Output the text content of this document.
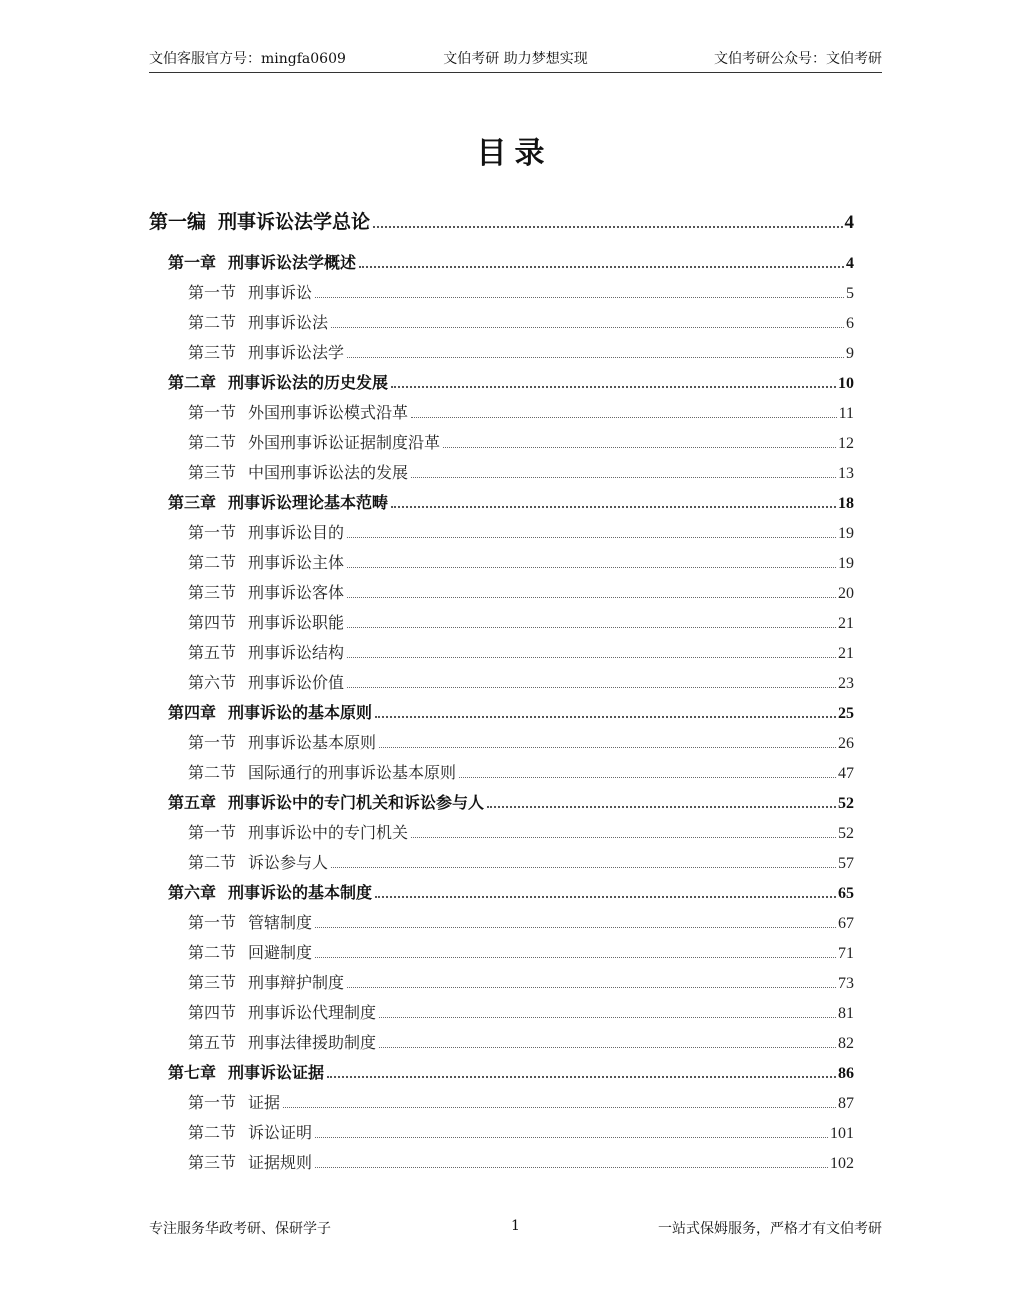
文伯客服官方号：mingfa0609	文伯考研 助力梦想实现	文伯考研公众号：文伯考研
目录
第一编 刑事诉讼法学总论	4
第一章 刑事诉讼法学概述	4
第一节 刑事诉讼	5
第二节 刑事诉讼法	6
第三节 刑事诉讼法学	9
第二章 刑事诉讼法的历史发展	10
第一节 外国刑事诉讼模式沿革	11
第二节 外国刑事诉讼证据制度沿革	12
第三节 中国刑事诉讼法的发展	13
第三章 刑事诉讼理论基本范畴	18
第一节 刑事诉讼目的	19
第二节 刑事诉讼主体	19
第三节 刑事诉讼客体	20
第四节 刑事诉讼职能	21
第五节 刑事诉讼结构	21
第六节 刑事诉讼价值	23
第四章 刑事诉讼的基本原则	25
第一节 刑事诉讼基本原则	26
第二节 国际通行的刑事诉讼基本原则	47
第五章 刑事诉讼中的专门机关和诉讼参与人	52
第一节 刑事诉讼中的专门机关	52
第二节 诉讼参与人	57
第六章 刑事诉讼的基本制度	65
第一节 管辖制度	67
第二节 回避制度	71
第三节 刑事辩护制度	73
第四节 刑事诉讼代理制度	81
第五节 刑事法律援助制度	82
第七章 刑事诉讼证据	86
第一节 证据	87
第二节 诉讼证明	101
第三节 证据规则	102
专注服务华政考研、保研学子	1	一站式保姆服务，严格才有文伯考研
